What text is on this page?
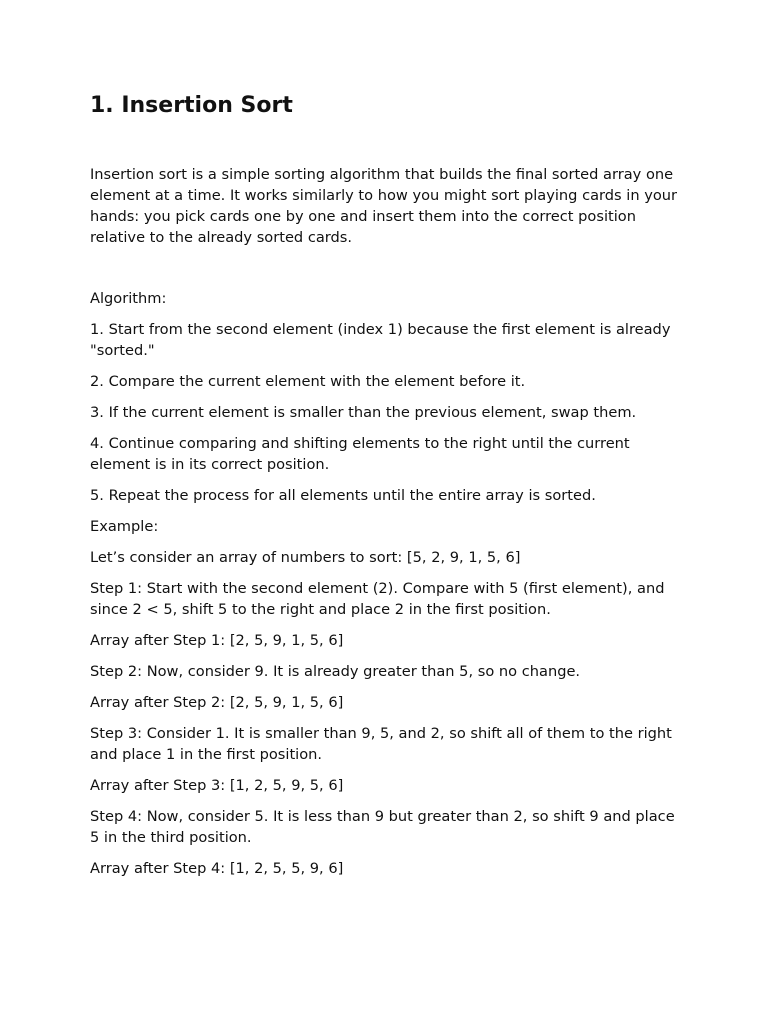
1. Insertion Sort

Insertion sort is a simple sorting algorithm that builds the final sorted array one element at a time. It works similarly to how you might sort playing cards in your hands: you pick cards one by one and insert them into the correct position relative to the already sorted cards.

Algorithm:

1. Start from the second element (index 1) because the first element is already "sorted."

2. Compare the current element with the element before it.

3. If the current element is smaller than the previous element, swap them.

4. Continue comparing and shifting elements to the right until the current element is in its correct position.

5. Repeat the process for all elements until the entire array is sorted.

Example:

Let’s consider an array of numbers to sort: [5, 2, 9, 1, 5, 6]

Step 1: Start with the second element (2). Compare with 5 (first element), and since 2 < 5, shift 5 to the right and place 2 in the first position.

Array after Step 1: [2, 5, 9, 1, 5, 6]

Step 2: Now, consider 9. It is already greater than 5, so no change.

Array after Step 2: [2, 5, 9, 1, 5, 6]

Step 3: Consider 1. It is smaller than 9, 5, and 2, so shift all of them to the right and place 1 in the first position.

Array after Step 3: [1, 2, 5, 9, 5, 6]

Step 4: Now, consider 5. It is less than 9 but greater than 2, so shift 9 and place 5 in the third position.

Array after Step 4: [1, 2, 5, 5, 9, 6]
